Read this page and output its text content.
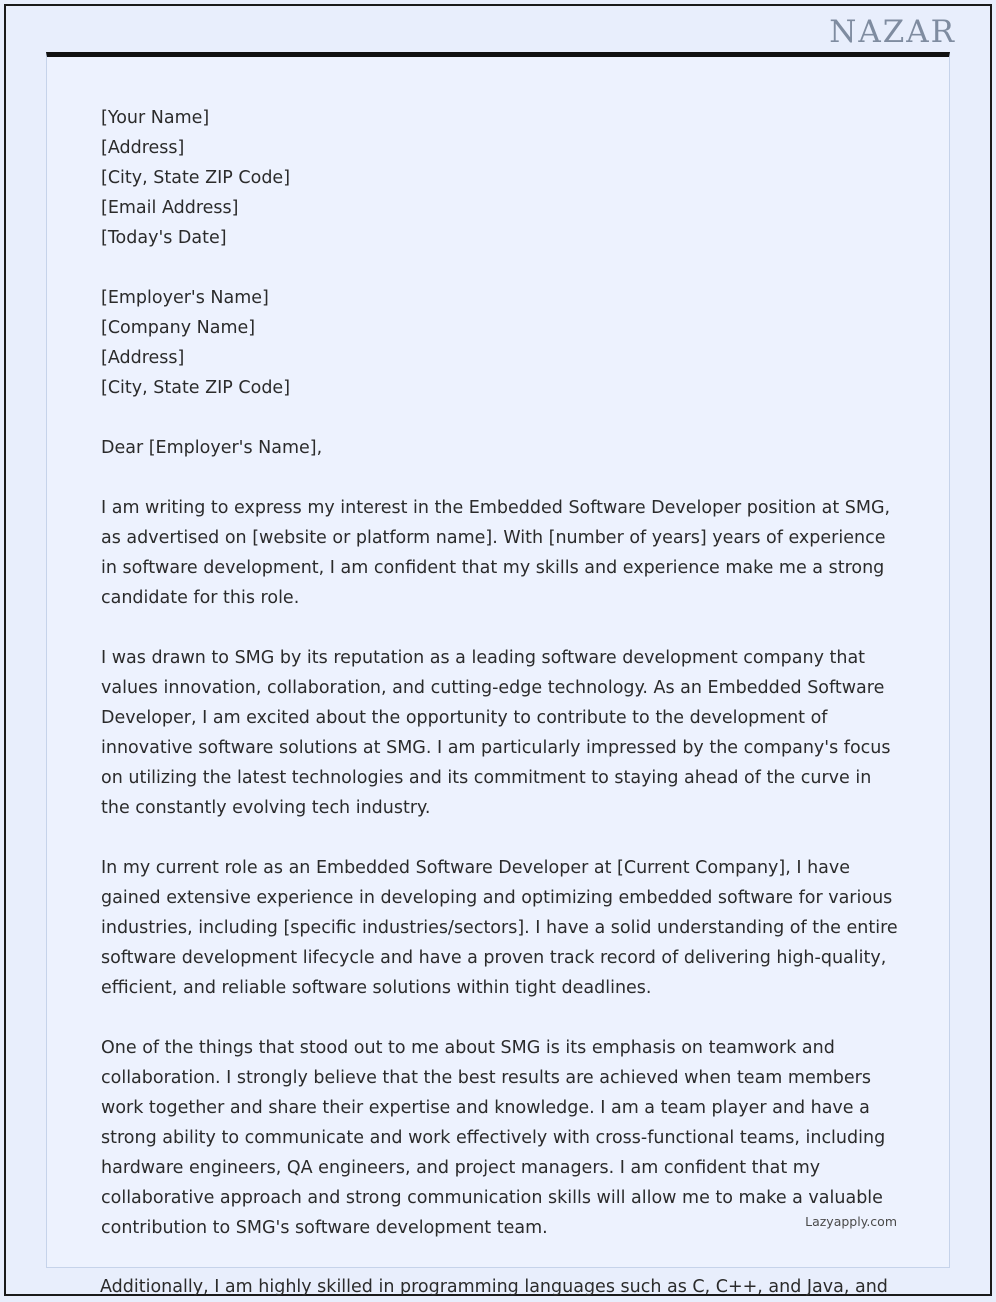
NAZAR
[Your Name]
[Address]
[City, State ZIP Code]
[Email Address]
[Today's Date]
[Employer's Name]
[Company Name]
[Address]
[City, State ZIP Code]
Dear [Employer's Name],

I am writing to express my interest in the Embedded Software Developer position at SMG, as advertised on [website or platform name]. With [number of years] years of experience in software development, I am confident that my skills and experience make me a strong candidate for this role.

I was drawn to SMG by its reputation as a leading software development company that values innovation, collaboration, and cutting-edge technology. As an Embedded Software Developer, I am excited about the opportunity to contribute to the development of innovative software solutions at SMG. I am particularly impressed by the company's focus on utilizing the latest technologies and its commitment to staying ahead of the curve in the constantly evolving tech industry.

In my current role as an Embedded Software Developer at [Current Company], I have gained extensive experience in developing and optimizing embedded software for various industries, including [specific industries/sectors]. I have a solid understanding of the entire software development lifecycle and have a proven track record of delivering high-quality, efficient, and reliable software solutions within tight deadlines.

One of the things that stood out to me about SMG is its emphasis on teamwork and collaboration. I strongly believe that the best results are achieved when team members work together and share their expertise and knowledge. I am a team player and have a strong ability to communicate and work effectively with cross-functional teams, including hardware engineers, QA engineers, and project managers. I am confident that my collaborative approach and strong communication skills will allow me to make a valuable contribution to SMG's software development team.	Lazyapply.com
Additionally, I am highly skilled in programming languages such as C, C++, and Java, and
